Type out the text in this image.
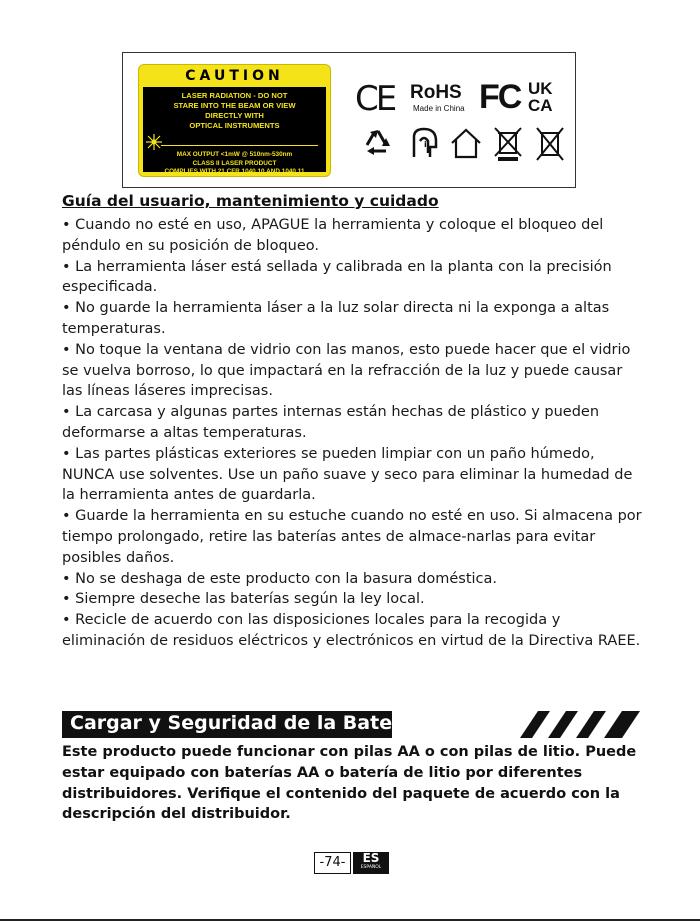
CAUTION
LASER RADIATION - DO NOT
STARE INTO THE BEAM OR VIEW
DIRECTLY WITH
OPTICAL INSTRUMENTS
MAX OUTPUT <1mW @ 510nm-530nm
CLASS II LASER PRODUCT
COMPLIES WITH 21 CFR 1040.10 AND 1040.11
CE RoHS
Made in China FC UK
CA
i
Guía del usuario, mantenimiento y cuidado
• Cuando no esté en uso, APAGUE la herramienta y coloque el bloqueo del péndulo en su posición de bloqueo.
• La herramienta láser está sellada y calibrada en la planta con la precisión especificada.
• No guarde la herramienta láser a la luz solar directa ni la exponga a altas temperaturas.
• No toque la ventana de vidrio con las manos, esto puede hacer que el vidrio se vuelva borroso, lo que impactará en la refracción de la luz y puede causar las líneas láseres imprecisas.
• La carcasa y algunas partes internas están hechas de plástico y pueden deformarse a altas temperaturas.
• Las partes plásticas exteriores se pueden limpiar con un paño húmedo, NUNCA use solventes. Use un paño suave y seco para eliminar la humedad de la herramienta antes de guardarla.
• Guarde la herramienta en su estuche cuando no esté en uso. Si almacena por tiempo prolongado, retire las baterías antes de almace-narlas para evitar posibles daños.
• No se deshaga de este producto con la basura doméstica.
• Siempre deseche las baterías según la ley local.
• Recicle de acuerdo con las disposiciones locales para la recogida y eliminación de residuos eléctricos y electrónicos en virtud de la Directiva RAEE.
Cargar y Seguridad de la Batería

Este producto puede funcionar con pilas AA o con pilas de litio. Puede estar equipado con baterías AA o batería de litio por diferentes distribuidores. Verifique el contenido del paquete de acuerdo con la descripción del distribuidor.

-74-	ES
ESPAÑOL
